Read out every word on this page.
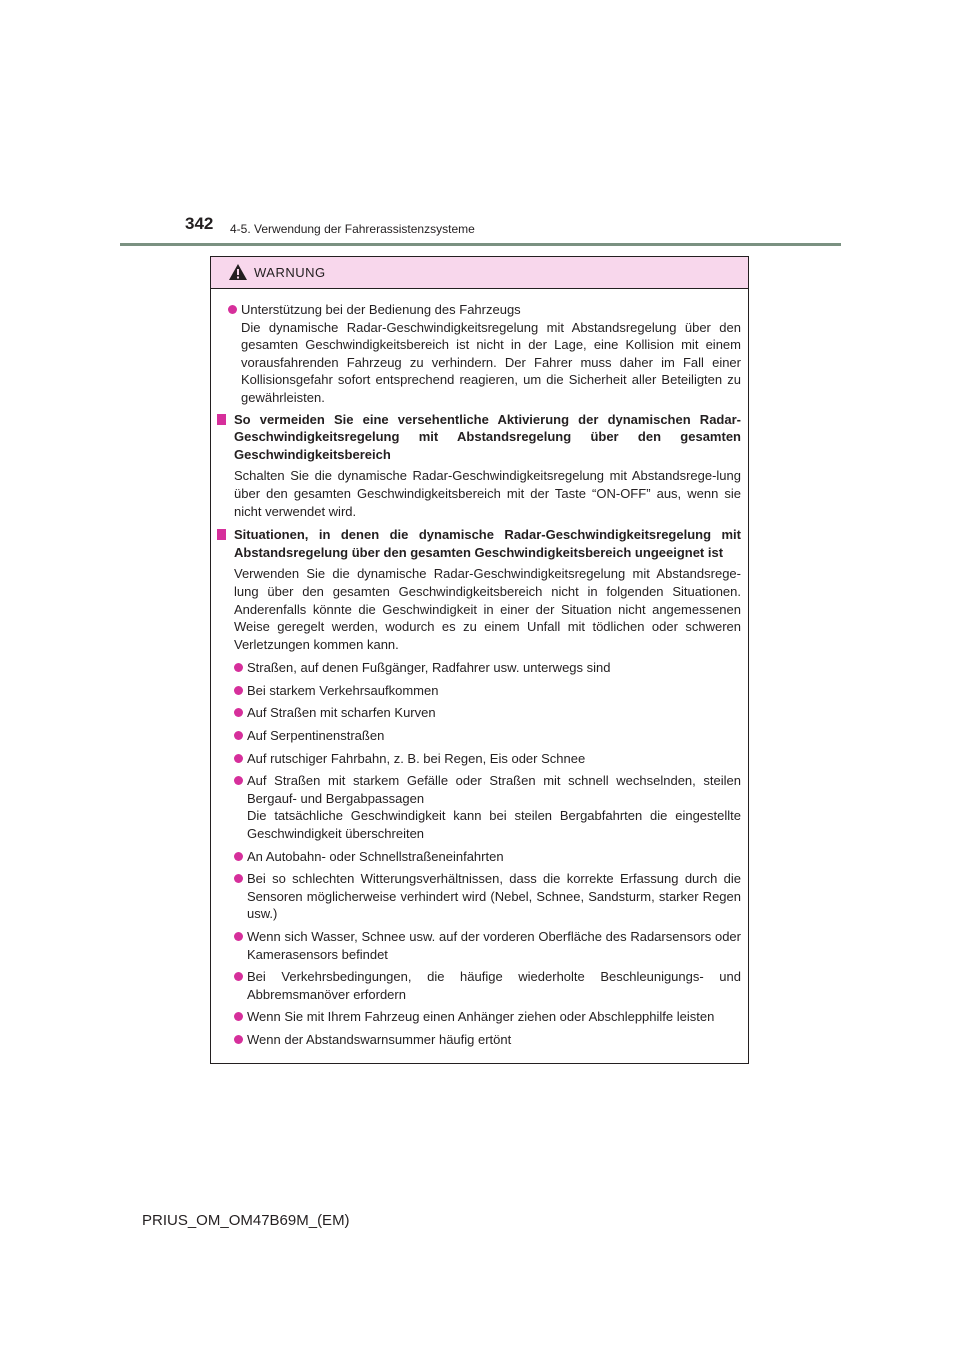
342 4-5. Verwendung der Fahrerassistenzsysteme
WARNUNG

Unterstützung bei der Bedienung des Fahrzeugs

Die dynamische Radar-Geschwindigkeitsregelung mit Abstandsregelung über den gesamten Geschwindigkeitsbereich ist nicht in der Lage, eine Kollision mit einem vorausfahrenden Fahrzeug zu verhindern. Der Fahrer muss daher im Fall einer Kollisionsgefahr sofort entsprechend reagieren, um die Sicherheit aller Beteiligten zu gewährleisten.

So vermeiden Sie eine versehentliche Aktivierung der dynamischen Radar-Geschwindigkeitsregelung mit Abstandsregelung über den gesamten Geschwindigkeitsbereich

Schalten Sie die dynamische Radar-Geschwindigkeitsregelung mit Abstandsrege-lung über den gesamten Geschwindigkeitsbereich mit der Taste “ON-OFF” aus, wenn sie nicht verwendet wird.

Situationen, in denen die dynamische Radar-Geschwindigkeitsregelung mit Abstandsregelung über den gesamten Geschwindigkeitsbereich ungeeignet ist

Verwenden Sie die dynamische Radar-Geschwindigkeitsregelung mit Abstandsrege-lung über den gesamten Geschwindigkeitsbereich nicht in folgenden Situationen. Anderenfalls könnte die Geschwindigkeit in einer der Situation nicht angemessenen Weise geregelt werden, wodurch es zu einem Unfall mit tödlichen oder schweren Verletzungen kommen kann.

Straßen, auf denen Fußgänger, Radfahrer usw. unterwegs sind

Bei starkem Verkehrsaufkommen

Auf Straßen mit scharfen Kurven

Auf Serpentinenstraßen

Auf rutschiger Fahrbahn, z. B. bei Regen, Eis oder Schnee

Auf Straßen mit starkem Gefälle oder Straßen mit schnell wechselnden, steilen Bergauf- und Bergabpassagen

Die tatsächliche Geschwindigkeit kann bei steilen Bergabfahrten die eingestellte Geschwindigkeit überschreiten

An Autobahn- oder Schnellstraßeneinfahrten

Bei so schlechten Witterungsverhältnissen, dass die korrekte Erfassung durch die Sensoren möglicherweise verhindert wird (Nebel, Schnee, Sandsturm, starker Regen usw.)

Wenn sich Wasser, Schnee usw. auf der vorderen Oberfläche des Radarsensors oder Kamerasensors befindet

Bei Verkehrsbedingungen, die häufige wiederholte Beschleunigungs- und Abbremsmanöver erfordern

Wenn Sie mit Ihrem Fahrzeug einen Anhänger ziehen oder Abschlepphilfe leisten

Wenn der Abstandswarnsummer häufig ertönt

PRIUS_OM_OM47B69M_(EM)
